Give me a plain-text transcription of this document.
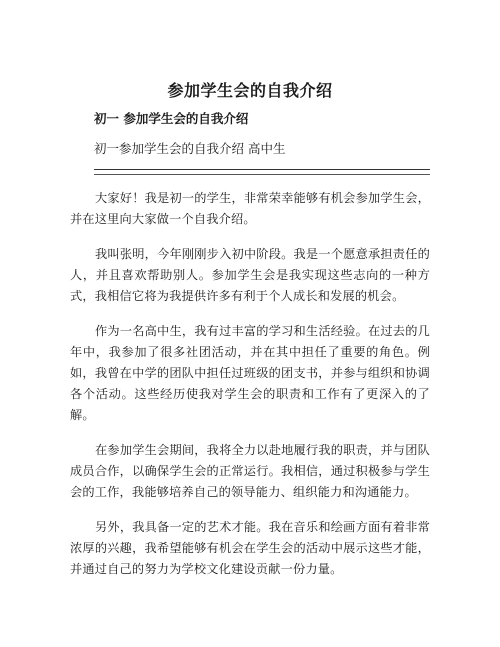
参加学生会的自我介绍
初一 参加学生会的自我介绍

初一参加学生会的自我介绍 高中生

大家好！我是初一的学生，非常荣幸能够有机会参加学生会，并在这里向大家做一个自我介绍。

我叫张明，今年刚刚步入初中阶段。我是一个愿意承担责任的人，并且喜欢帮助别人。参加学生会是我实现这些志向的一种方式，我相信它将为我提供许多有利于个人成长和发展的机会。

作为一名高中生，我有过丰富的学习和生活经验。在过去的几年中，我参加了很多社团活动，并在其中担任了重要的角色。例如，我曾在中学的团队中担任过班级的团支书，并参与组织和协调各个活动。这些经历使我对学生会的职责和工作有了更深入的了解。

在参加学生会期间，我将全力以赴地履行我的职责，并与团队成员合作，以确保学生会的正常运行。我相信，通过积极参与学生会的工作，我能够培养自己的领导能力、组织能力和沟通能力。

另外，我具备一定的艺术才能。我在音乐和绘画方面有着非常浓厚的兴趣，我希望能够有机会在学生会的活动中展示这些才能，并通过自己的努力为学校文化建设贡献一份力量。
